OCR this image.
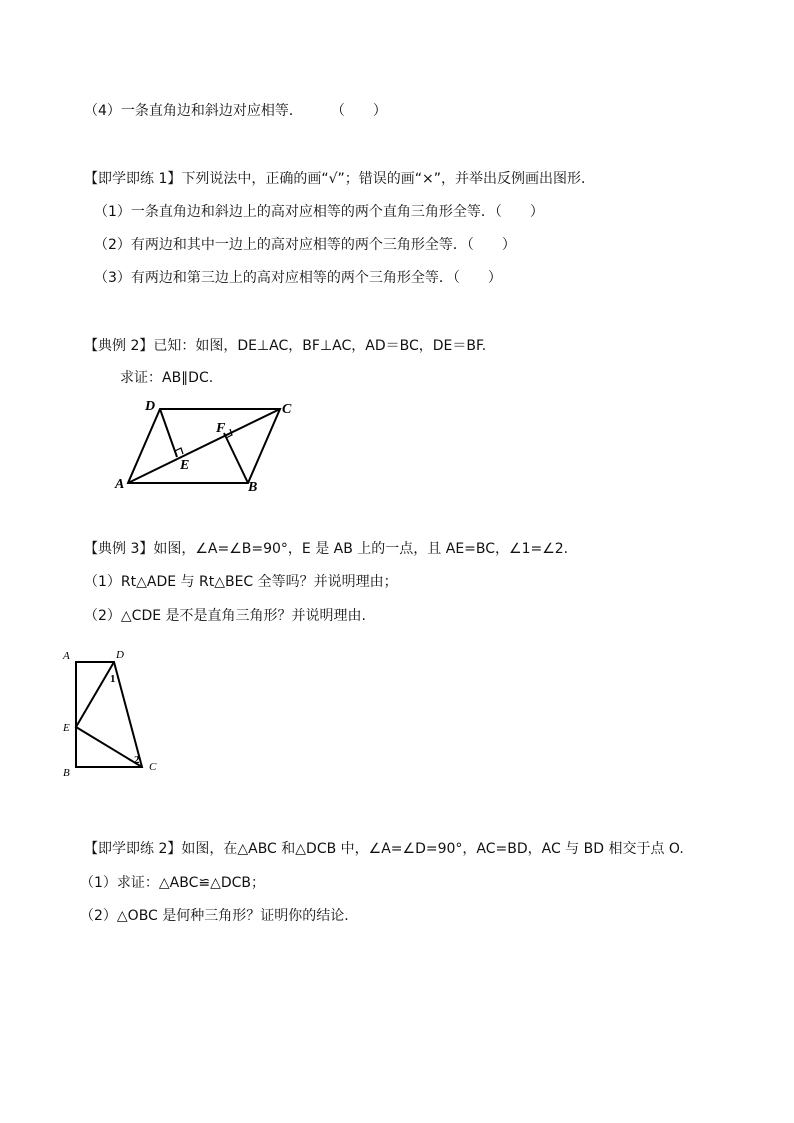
（4）一条直角边和斜边对应相等．　　　（　　）
【即学即练 1】下列说法中，正确的画“√”；错误的画“×”，并举出反例画出图形.
（1）一条直角边和斜边上的高对应相等的两个直角三角形全等．（　　）
（2）有两边和其中一边上的高对应相等的两个三角形全等．（　　）
（3）有两边和第三边上的高对应相等的两个三角形全等．（　　）
【典例 2】已知：如图，DE⊥AC，BF⊥AC，AD＝BC，DE＝BF.
求证：AB∥DC.
D	C
F
E
A	B
【典例 3】如图，∠A=∠B=90°，E 是 AB 上的一点，且 AE=BC，∠1=∠2.
（1）Rt△ADE 与 Rt△BEC 全等吗？并说明理由；
（2）△CDE 是不是直角三角形？并说明理由.
A	D
E
B	C
1
2
【即学即练 2】如图，在△ABC 和△DCB 中，∠A=∠D=90°，AC=BD，AC 与 BD 相交于点 O.
（1）求证：△ABC≌△DCB；
（2）△OBC 是何种三角形？证明你的结论.
